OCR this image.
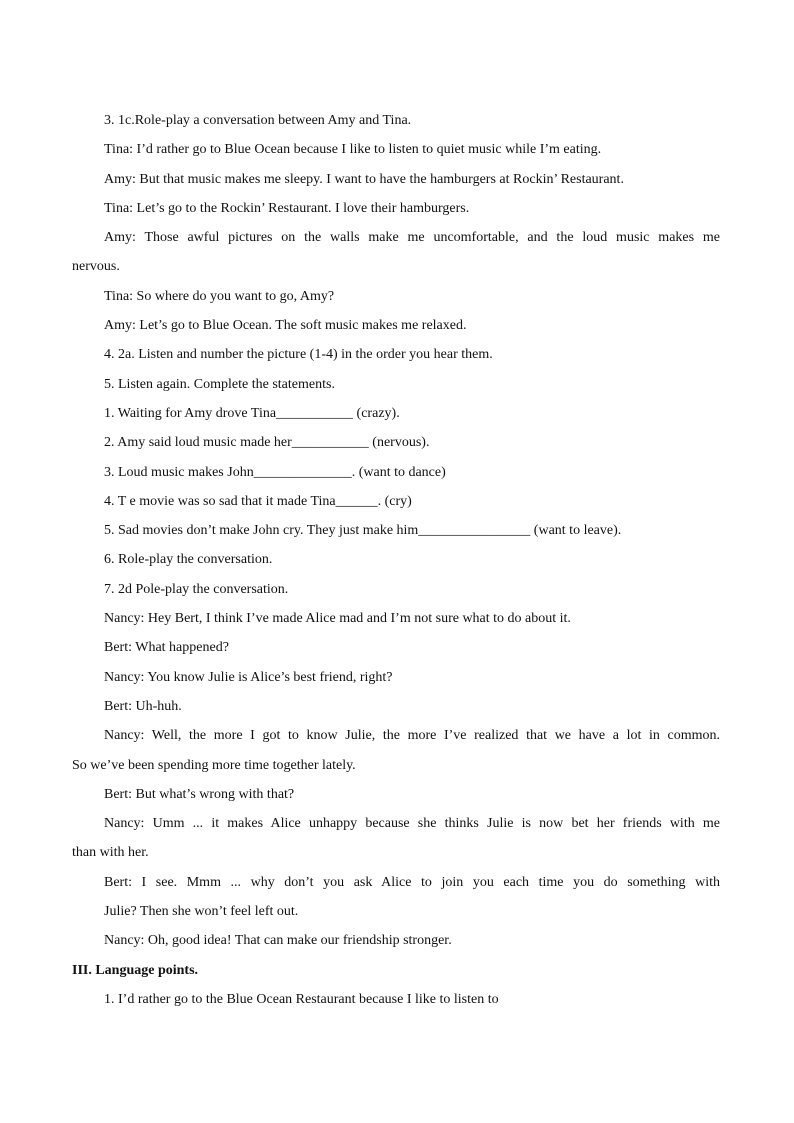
3. 1c.Role-play a conversation between Amy and Tina.

Tina: I’d rather go to Blue Ocean because I like to listen to quiet music while I’m eating.

Amy: But that music makes me sleepy. I want to have the hamburgers at Rockin’ Restaurant.

Tina: Let’s go to the Rockin’ Restaurant. I love their hamburgers.

Amy: Those awful pictures on the walls make me uncomfortable, and the loud music makes me

nervous.

Tina: So where do you want to go, Amy?

Amy: Let’s go to Blue Ocean. The soft music makes me relaxed.

4. 2a. Listen and number the picture (1-4) in the order you hear them.

5. Listen again. Complete the statements.

1. Waiting for Amy drove Tina___________ (crazy).

2. Amy said loud music made her___________ (nervous).

3. Loud music makes John______________. (want to dance)

4. T e movie was so sad that it made Tina______. (cry)

5. Sad movies don’t make John cry. They just make him________________ (want to leave).

6. Role-play the conversation.

7. 2d Pole-play the conversation.

Nancy: Hey Bert, I think I’ve made Alice mad and I’m not sure what to do about it.

Bert: What happened?

Nancy: You know Julie is Alice’s best friend, right?

Bert: Uh-huh.

Nancy: Well, the more I got to know Julie, the more I’ve realized that we have a lot in common.

So we’ve been spending more time together lately.

Bert: But what’s wrong with that?

Nancy: Umm ... it makes Alice unhappy because she thinks Julie is now bet her friends with me

than with her.

Bert: I see. Mmm ... why don’t you ask Alice to join you each time you do something with

Julie? Then she won’t feel left out.

Nancy: Oh, good idea! That can make our friendship stronger.

III. Language points.

1. I’d rather go to the Blue Ocean Restaurant because I like to listen to
